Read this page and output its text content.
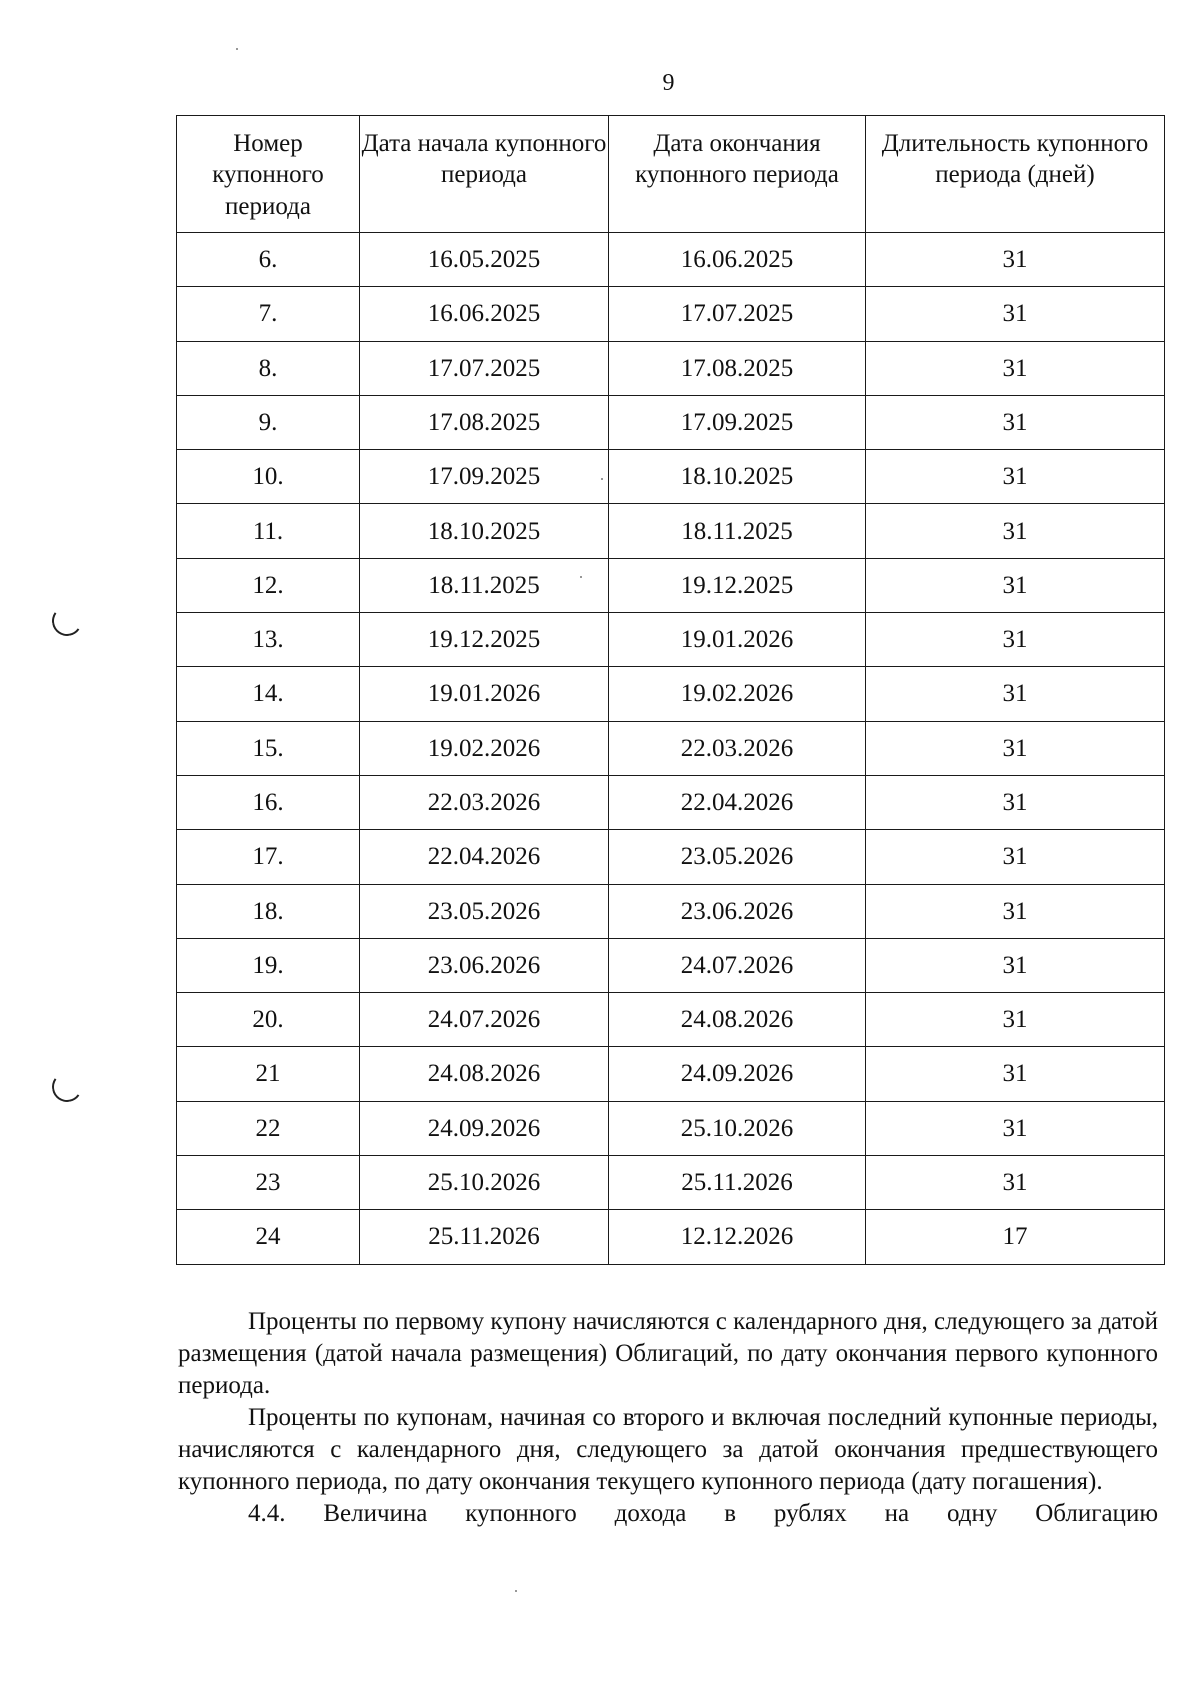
9
Номер купонного периода	Дата начала купонного периода	Дата окончания купонного периода	Длительность купонного периода (дней)
6.	16.05.2025	16.06.2025	31
7.	16.06.2025	17.07.2025	31
8.	17.07.2025	17.08.2025	31
9.	17.08.2025	17.09.2025	31
10.	17.09.2025	18.10.2025	31
11.	18.10.2025	18.11.2025	31
12.	18.11.2025	19.12.2025	31
13.	19.12.2025	19.01.2026	31
14.	19.01.2026	19.02.2026	31
15.	19.02.2026	22.03.2026	31
16.	22.03.2026	22.04.2026	31
17.	22.04.2026	23.05.2026	31
18.	23.05.2026	23.06.2026	31
19.	23.06.2026	24.07.2026	31
20.	24.07.2026	24.08.2026	31
21	24.08.2026	24.09.2026	31
22	24.09.2026	25.10.2026	31
23	25.10.2026	25.11.2026	31
24	25.11.2026	12.12.2026	17

Проценты по первому купону начисляются с календарного дня, следующего за датой размещения (датой начала размещения) Облигаций, по дату окончания первого купонного периода.

Проценты по купонам, начиная со второго и включая последний купонные периоды, начисляются с календарного дня, следующего за датой окончания предшествующего купонного периода, по дату окончания текущего купонного периода (дату погашения).

4.4. Величина купонного дохода в рублях на одну Облигацию
